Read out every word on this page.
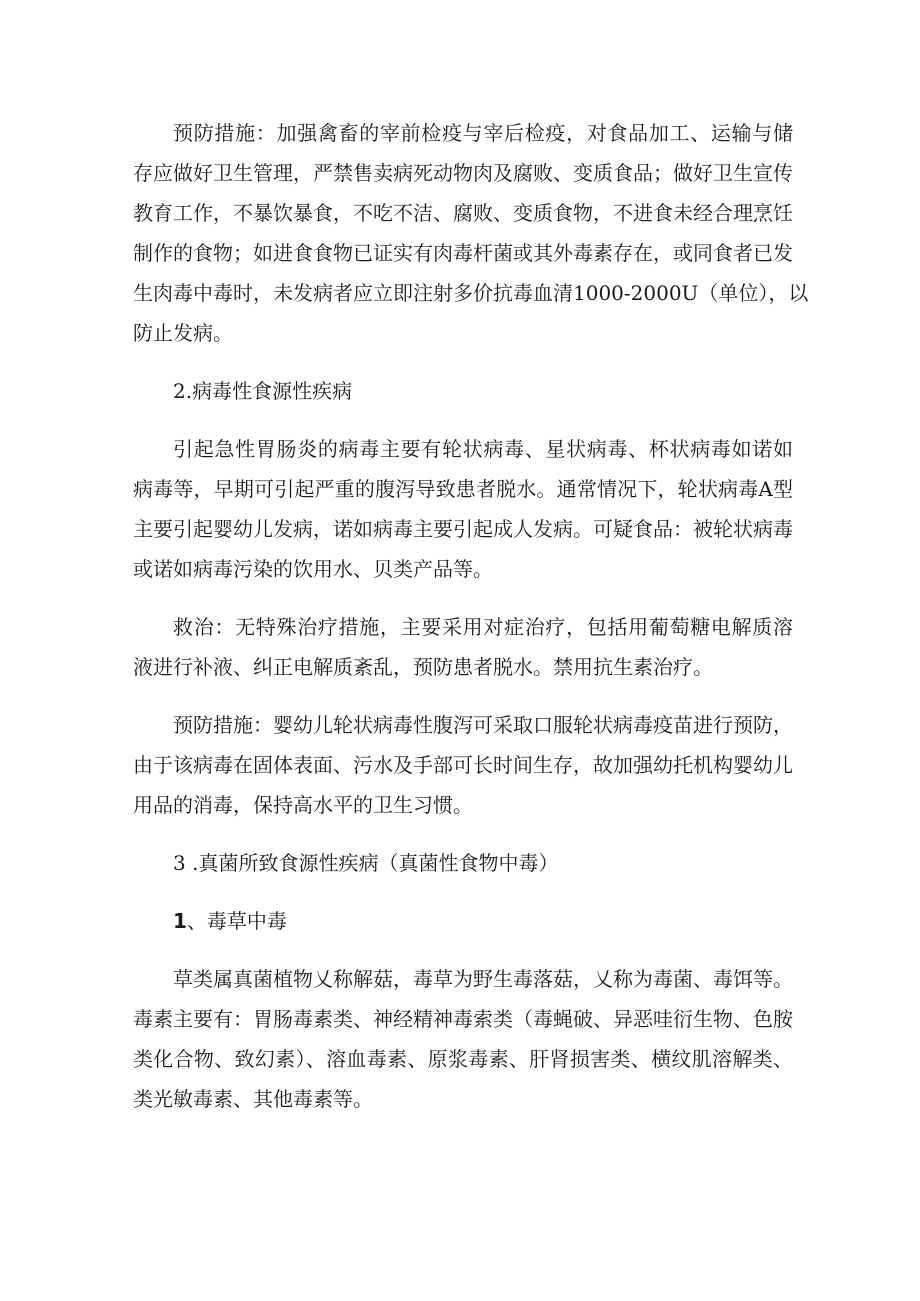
预防措施：加强禽畜的宰前检疫与宰后检疫，对食品加工、运输与储
存应做好卫生管理，严禁售卖病死动物肉及腐败、变质食品；做好卫生宣传
教育工作，不暴饮暴食，不吃不洁、腐败、变质食物，不进食未经合理烹饪
制作的食物；如进食食物已证实有肉毒杆菌或其外毒素存在，或同食者已发
生肉毒中毒时，未发病者应立即注射多价抗毒血清1000-2000U（单位），以
防止发病。
2.病毒性食源性疾病
引起急性胃肠炎的病毒主要有轮状病毒、星状病毒、杯状病毒如诺如
病毒等，早期可引起严重的腹泻导致患者脱水。通常情况下，轮状病毒A型
主要引起婴幼儿发病，诺如病毒主要引起成人发病。可疑食品：被轮状病毒
或诺如病毒污染的饮用水、贝类产品等。
救治：无特殊治疗措施，主要采用对症治疗，包括用葡萄糖电解质溶
液进行补液、纠正电解质紊乱，预防患者脱水。禁用抗生素治疗。
预防措施：婴幼儿轮状病毒性腹泻可采取口服轮状病毒疫苗进行预防，
由于该病毒在固体表面、污水及手部可长时间生存，故加强幼托机构婴幼儿
用品的消毒，保持高水平的卫生习惯。
3 .真菌所致食源性疾病（真菌性食物中毒）
1、毒草中毒
草类属真菌植物乂称解菇，毒草为野生毒落菇，乂称为毒菌、毒饵等。
毒素主要有：胃肠毒素类、神经精神毒索类（毒蝇破、异恶哇衍生物、色胺
类化合物、致幻素）、溶血毒素、原浆毒素、肝肾损害类、横纹肌溶解类、
类光敏毒素、其他毒素等。
